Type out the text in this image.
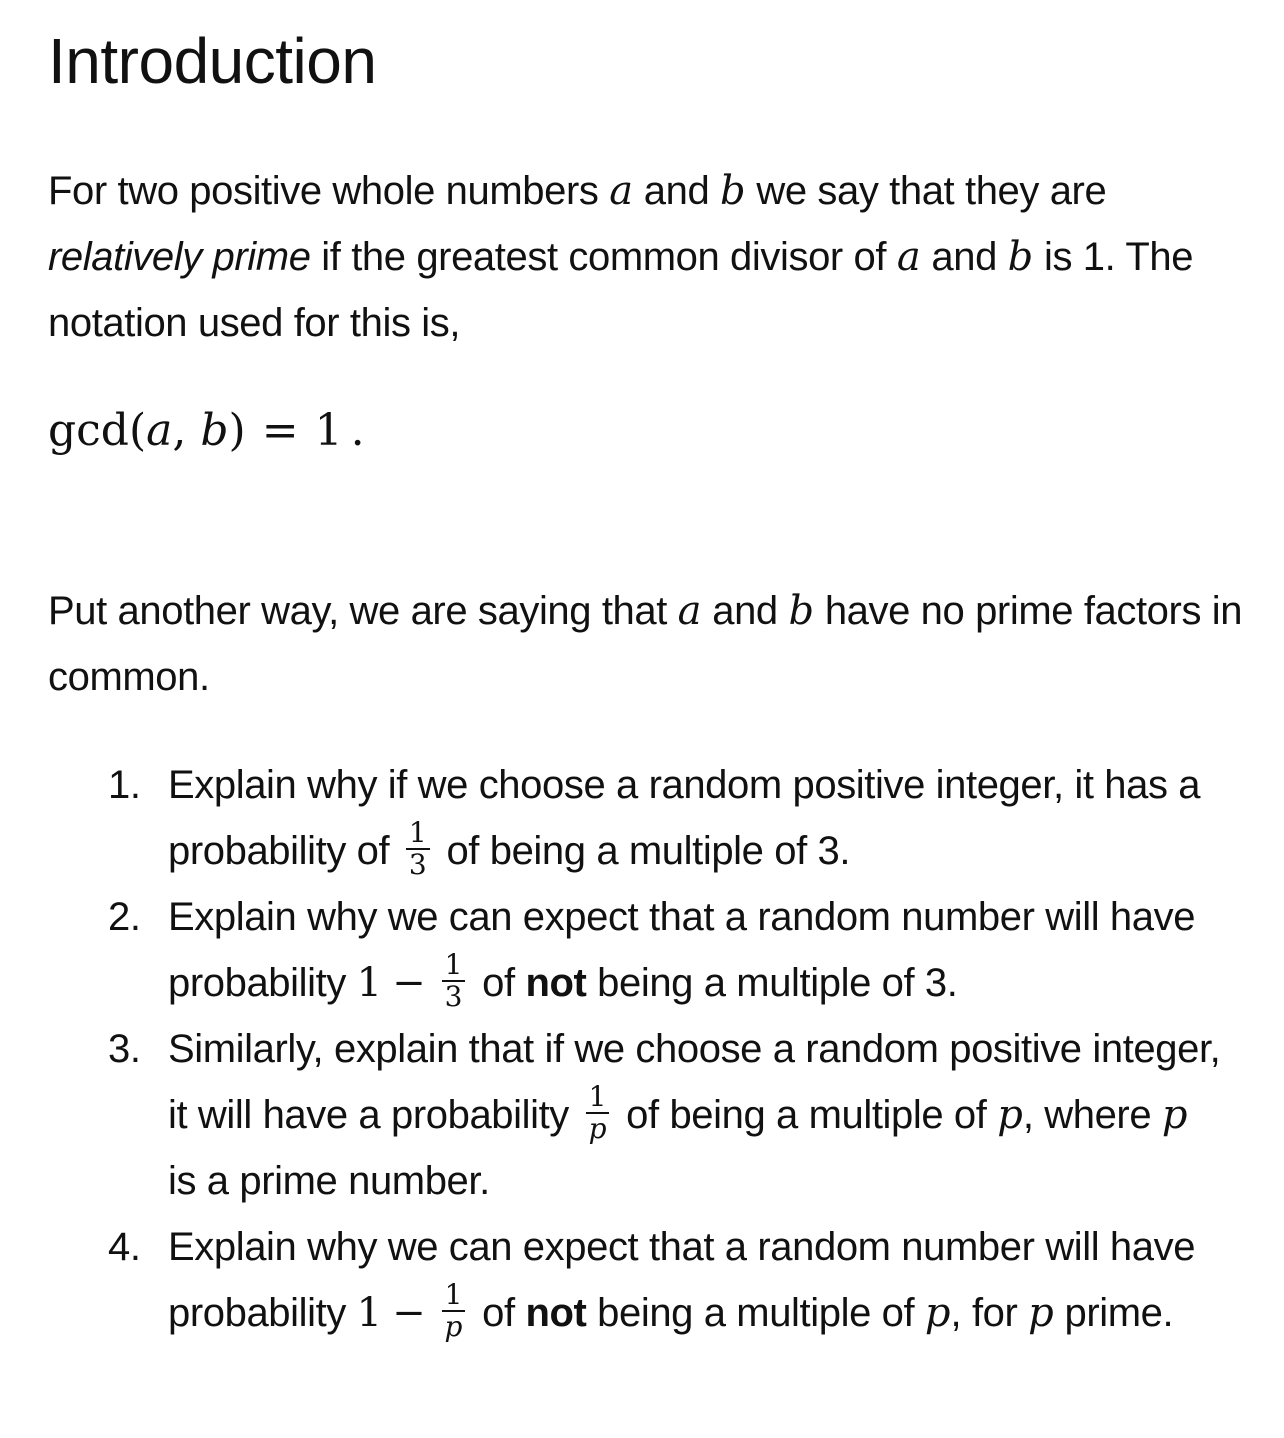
Introduction

For two positive whole numbers a and b we say that they are relatively prime if the greatest common divisor of a and b is 1. The notation used for this is,

gcd(a, b) = 1 .

Put another way, we are saying that a and b have no prime factors in common.

1. Explain why if we choose a random positive integer, it has a probability of $\frac{1}{3}$ of being a multiple of 3.
2. Explain why we can expect that a random number will have probability $1 - \frac{1}{3}$ of not being a multiple of 3.
3. Similarly, explain that if we choose a random positive integer, it will have a probability $\frac{1}{p}$ of being a multiple of p, where p is a prime number.
4. Explain why we can expect that a random number will have probability $1 - \frac{1}{p}$ of not being a multiple of p, for p prime.
